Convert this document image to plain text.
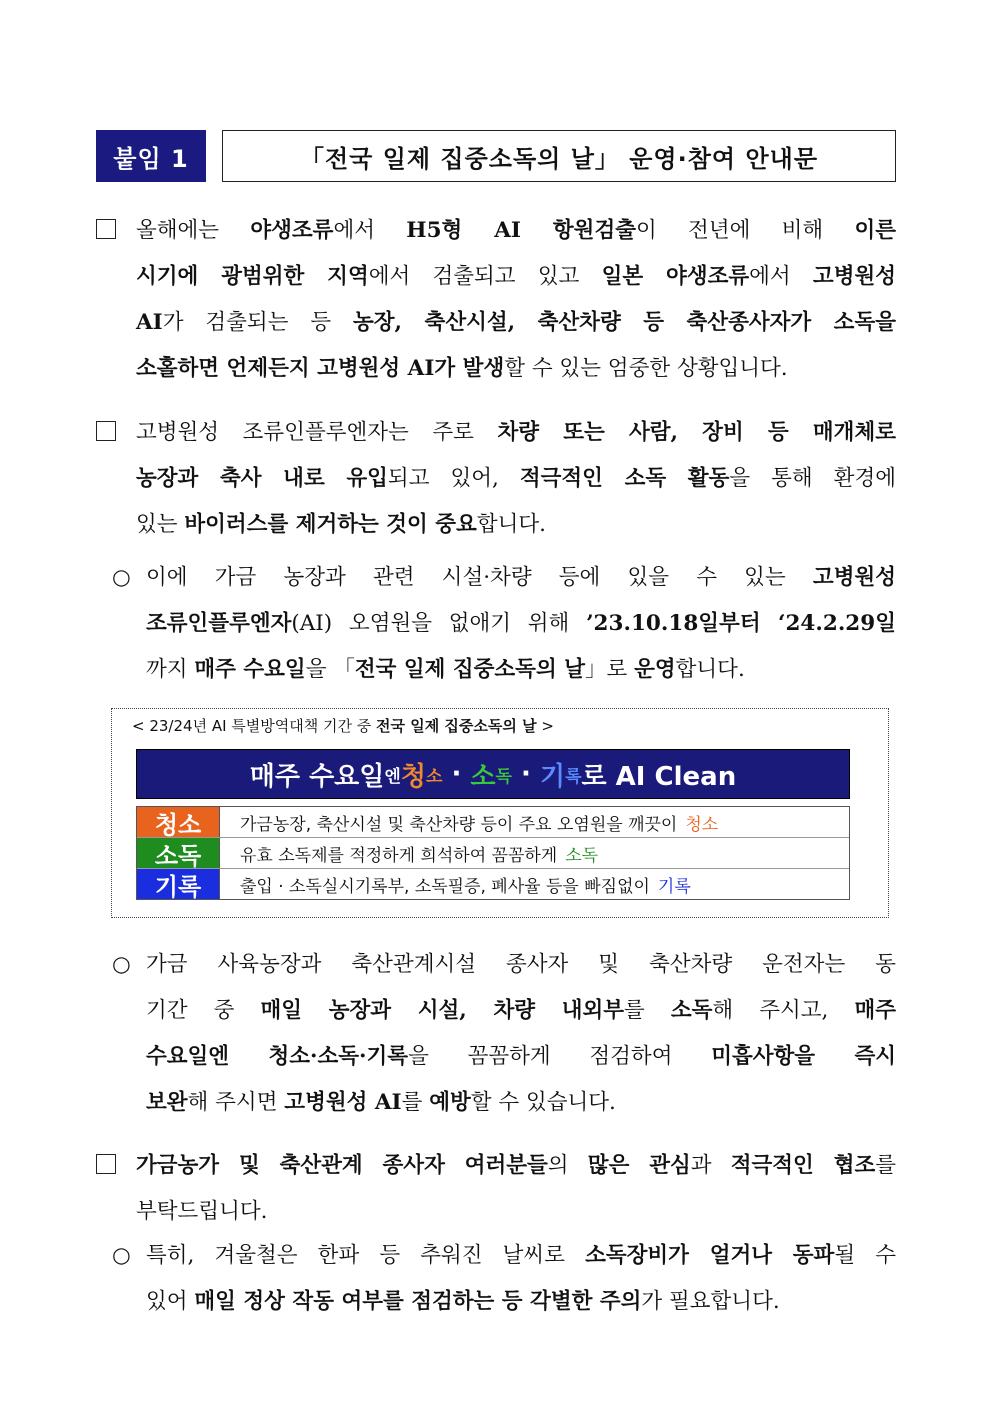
붙임 1	「전국 일제 집중소독의 날」 운영·참여 안내문
올해에는 야생조류에서 H5형 AI 항원검출이 전년에 비해 이른
시기에 광범위한 지역에서 검출되고 있고 일본 야생조류에서 고병원성
AI가 검출되는 등 농장, 축산시설, 축산차량 등 축산종사자가 소독을
소홀하면 언제든지 고병원성 AI가 발생할 수 있는 엄중한 상황입니다.
고병원성 조류인플루엔자는 주로 차량 또는 사람, 장비 등 매개체로
농장과 축사 내로 유입되고 있어, 적극적인 소독 활동을 통해 환경에
있는 바이러스를 제거하는 것이 중요합니다.
○ 이에 가금 농장과 관련 시설·차량 등에 있을 수 있는 고병원성
조류인플루엔자(AI) 오염원을 없애기 위해 ’23.10.18일부터 ‘24.2.29일
까지 매주 수요일을 「전국 일제 집중소독의 날」로 운영합니다.
< 23/24년 AI 특별방역대책 기간 중 전국 일제 집중소독의 날 >
매주 수요일 엔 청 소 · 소 독 · 기 록 로 AI Clean
청소	가금농장, 축산시설 및 축산차량 등이 주요 오염원을 깨끗이 청소
소독	유효 소독제를 적정하게 희석하여 꼼꼼하게 소독
기록	출입 · 소독실시기록부, 소독필증, 폐사율 등을 빠짐없이 기록
○ 가금 사육농장과 축산관계시설 종사자 및 축산차량 운전자는 동
기간 중 매일 농장과 시설, 차량 내외부를 소독해 주시고, 매주
수요일엔 청소·소독·기록을 꼼꼼하게 점검하여 미흡사항을 즉시
보완해 주시면 고병원성 AI를 예방할 수 있습니다.
가금농가 및 축산관계 종사자 여러분들의 많은 관심과 적극적인 협조를
부탁드립니다.
○ 특히, 겨울철은 한파 등 추워진 날씨로 소독장비가 얼거나 동파될 수
있어 매일 정상 작동 여부를 점검하는 등 각별한 주의가 필요합니다.
